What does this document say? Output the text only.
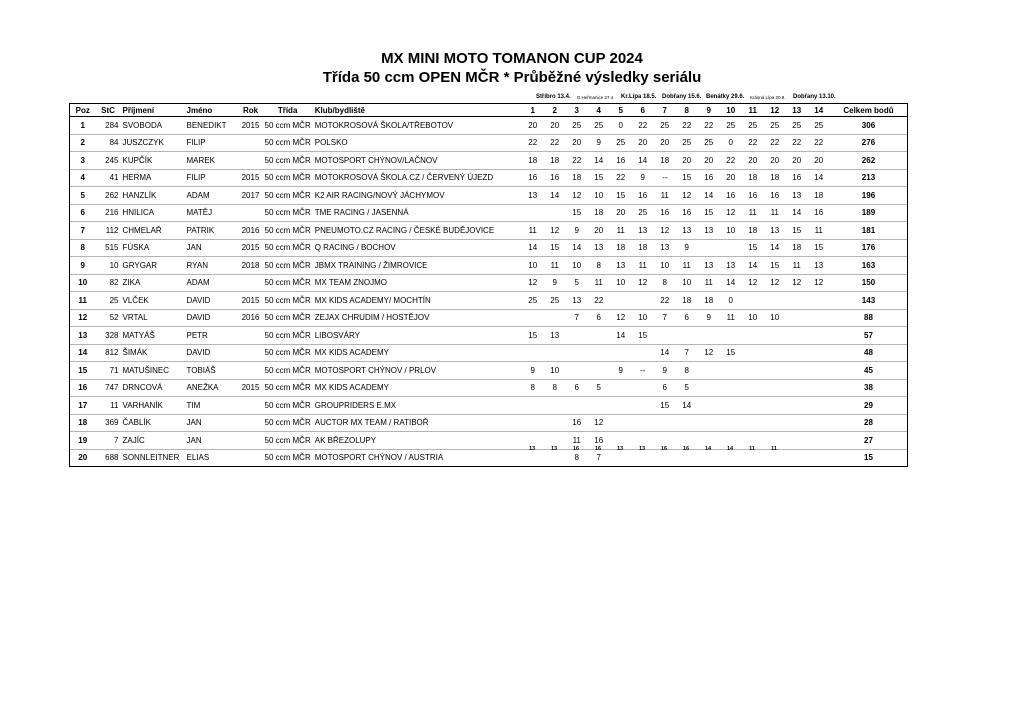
MX MINI MOTO TOMANON CUP 2024
Třída 50 ccm OPEN MČR * Průběžné výsledky seriálu
Stříbro 13.4. D.Heřmanice 27.4. Kr.Lípa 18.5. Dobřany 15.6. Benátky 29.6. Krásná Lípa 20.9. Dobřany 13.10.
Poz	StC	Příjmení	Jméno	Rok	Třída	Klub/bydliště	1	2	3	4	5	6	7	8	9	10	11	12	13	14	Celkem bodů
1	284	SVOBODA	BENEDIKT	2015	50 ccm MČR	MOTOKROSOVÁ ŠKOLA/TŘEBOTOV	20	20	25	25	0	22	25	22	22	25	25	25	25	25	306
2	84	JUSZCZYK	FILIP		50 ccm MČR	POLSKO	22	22	20	9	25	20	20	25	25	0	22	22	22	22	276
3	245	KUPČÍK	MAREK		50 ccm MČR	MOTOSPORT CHÝNOV/LAČNOV	18	18	22	14	16	14	18	20	20	22	20	20	20	20	262
4	41	HERMA	FILIP	2015	50 ccm MČR	MOTOKROSOVÁ ŠKOLA.CZ / ČERVENÝ ÚJEZD	16	16	18	15	22	9	--	15	16	20	18	18	16	14	213
5	262	HANZLÍK	ADAM	2017	50 ccm MČR	K2 AIR RACING/NOVÝ JÁCHYMOV	13	14	12	10	15	16	11	12	14	16	16	16	13	18	196
6	216	HNILICA	MATĚJ		50 ccm MČR	TME RACING / JASENNÁ			15	18	20	25	16	16	15	12	11	11	14	16	189
7	112	CHMELAŘ	PATRIK	2016	50 ccm MČR	PNEUMOTO.CZ RACING / ČESKÉ BUDĚJOVICE	11	12	9	20	11	13	12	13	13	10	18	13	15	11	181
8	515	FÚSKA	JAN	2015	50 ccm MČR	Q RACING / BOCHOV	14	15	14	13	18	18	13	9			15	14	18	15	176
9	10	GRYGAR	RYAN	2018	50 ccm MČR	JBMX TRAINING / ŽIMROVICE	10	11	10	8	13	11	10	11	13	13	14	15	11	13	163
10	82	ZIKA	ADAM		50 ccm MČR	MX TEAM ZNOJMO	12	9	5	11	10	12	8	10	11	14	12	12	12	12	150
11	25	VLČEK	DAVID	2015	50 ccm MČR	MX KIDS ACADEMY/ MOCHTÍN	25	25	13	22			22	18	18	0					143
12	52	VRTAL	DAVID	2016	50 ccm MČR	ZEJAX CHRUDIM / HOSTĚJOV			7	6	12	10	7	6	9	11	10	10			88
13	328	MATYÁŠ	PETR		50 ccm MČR	LIBOSVÁRY	15	13			14	15									57
14	812	ŠIMÁK	DAVID		50 ccm MČR	MX KIDS ACADEMY							14	7	12	15					48
15	71	MATUŠINEC	TOBIÁŠ		50 ccm MČR	MOTOSPORT CHÝNOV / PRLOV	9	10			9	--	9	8							45
16	747	DRNCOVÁ	ANEŽKA	2015	50 ccm MČR	MX KIDS ACADEMY	8	8	6	5			6	5							38
17	11	VARHANÍK	TIM		50 ccm MČR	GROUPRIDERS E.MX							15	14							29
18	369	ČABLÍK	JAN		50 ccm MČR	AUCTOR MX TEAM / RATIBOŘ			16	12											28
19	7	ZAJÍC	JAN		50 ccm MČR	AK BŘEZOLUPY			11	16											27
20	688	SONNLEITNER	ELIAS		50 ccm MČR	MOTOSPORT CHÝNOV / AUSTRIA			8	7											15
13	13	16	16	13	13	16	16	14	14	11	11
